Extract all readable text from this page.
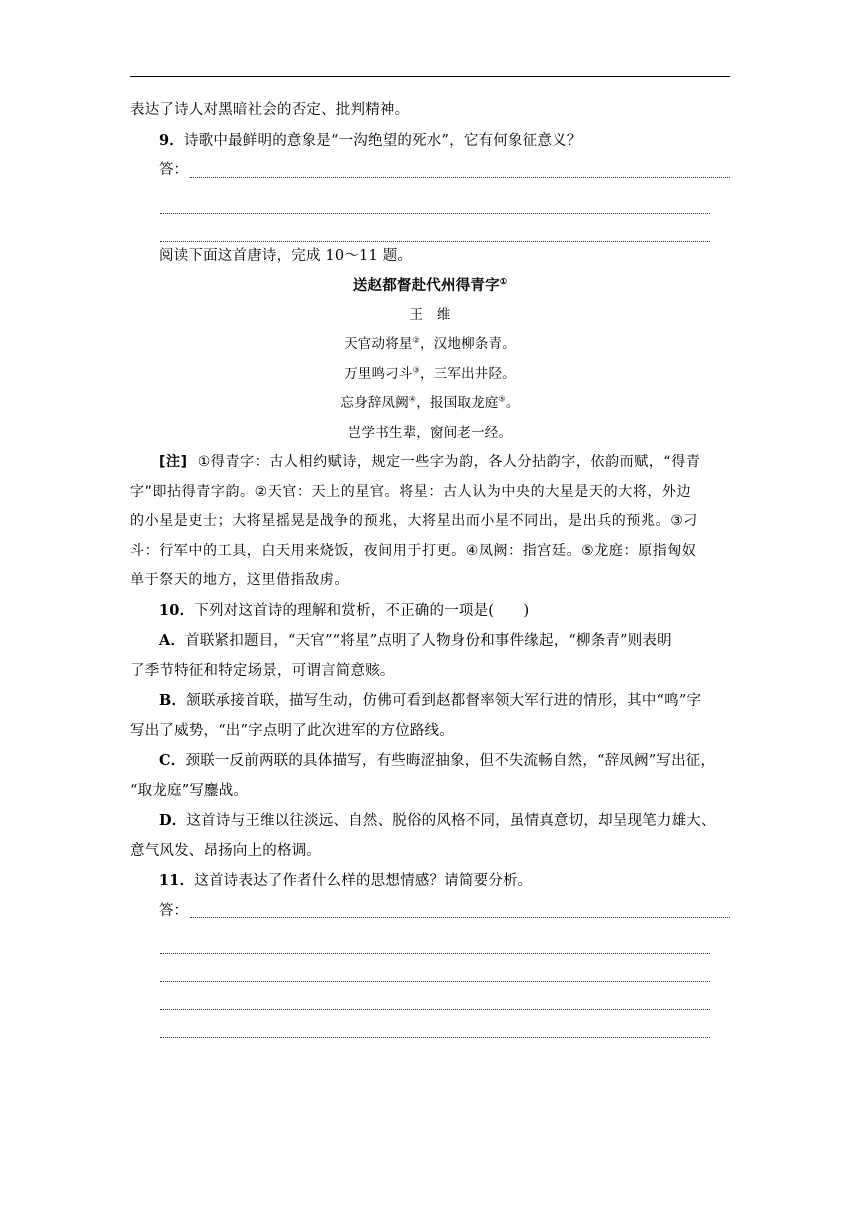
表达了诗人对黑暗社会的否定、批判精神。
9．诗歌中最鲜明的意象是“一沟绝望的死水”，它有何象征意义？
答：
阅读下面这首唐诗，完成 10～11 题。
送赵都督赴代州得青字①
王　维
天官动将星②，汉地柳条青。
万里鸣刁斗③，三军出井陉。
忘身辞凤阙④，报国取龙庭⑤。
岂学书生辈，窗间老一经。
[注] ①得青字：古人相约赋诗，规定一些字为韵，各人分拈韵字，依韵而赋，“得青
字”即拈得青字韵。②天官：天上的星官。将星：古人认为中央的大星是天的大将，外边
的小星是吏士；大将星摇晃是战争的预兆，大将星出而小星不同出，是出兵的预兆。③刁
斗：行军中的工具，白天用来烧饭，夜间用于打更。④凤阙：指宫廷。⑤龙庭：原指匈奴
单于祭天的地方，这里借指敌虏。
10．下列对这首诗的理解和赏析，不正确的一项是(　　)
A．首联紧扣题目，“天官”“将星”点明了人物身份和事件缘起，“柳条青”则表明
了季节特征和特定场景，可谓言简意赅。
B．颔联承接首联，描写生动，仿佛可看到赵都督率领大军行进的情形，其中“鸣”字
写出了威势，“出”字点明了此次进军的方位路线。
C．颈联一反前两联的具体描写，有些晦涩抽象，但不失流畅自然，“辞凤阙”写出征，
“取龙庭”写鏖战。
D．这首诗与王维以往淡远、自然、脱俗的风格不同，虽情真意切，却呈现笔力雄大、
意气风发、昂扬向上的格调。
11．这首诗表达了作者什么样的思想情感？请简要分析。
答：
